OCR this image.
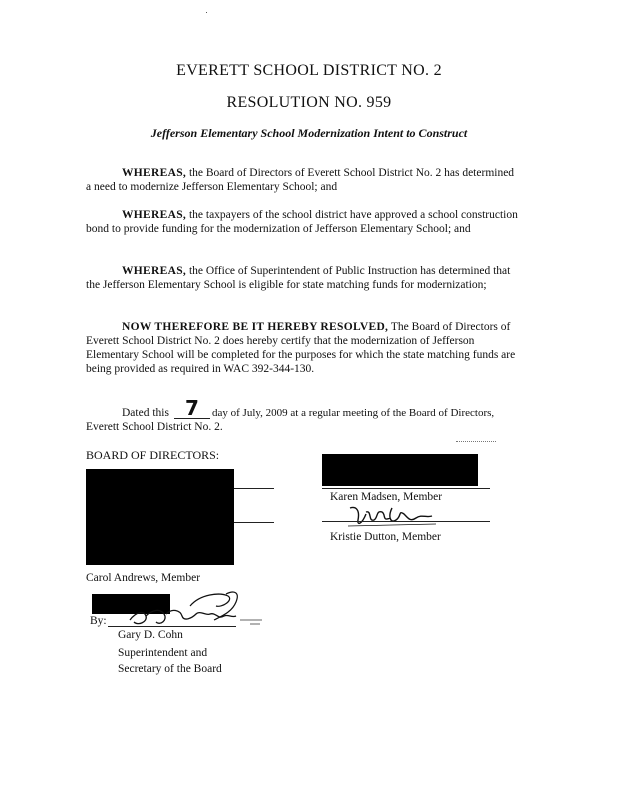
EVERETT SCHOOL DISTRICT NO. 2
RESOLUTION NO. 959
Jefferson Elementary School Modernization Intent to Construct
WHEREAS, the Board of Directors of Everett School District No. 2 has determined a need to modernize Jefferson Elementary School; and
WHEREAS, the taxpayers of the school district have approved a school construction bond to provide funding for the modernization of Jefferson Elementary School; and
WHEREAS, the Office of Superintendent of Public Instruction has determined that the Jefferson Elementary School is eligible for state matching funds for modernization;
NOW THEREFORE BE IT HEREBY RESOLVED, The Board of Directors of Everett School District No. 2 does hereby certify that the modernization of Jefferson Elementary School will be completed for the purposes for which the state matching funds are being provided as required in WAC 392-344-130.
Dated this 7	day of July, 2009 at a regular meeting of the Board of Directors,
Everett School District No. 2.
BOARD OF DIRECTORS:
Karen Madsen, Member
Kristie Dutton, Member
Carol Andrews, Member
By:
Gary D. Cohn
Superintendent and
Secretary of the Board
